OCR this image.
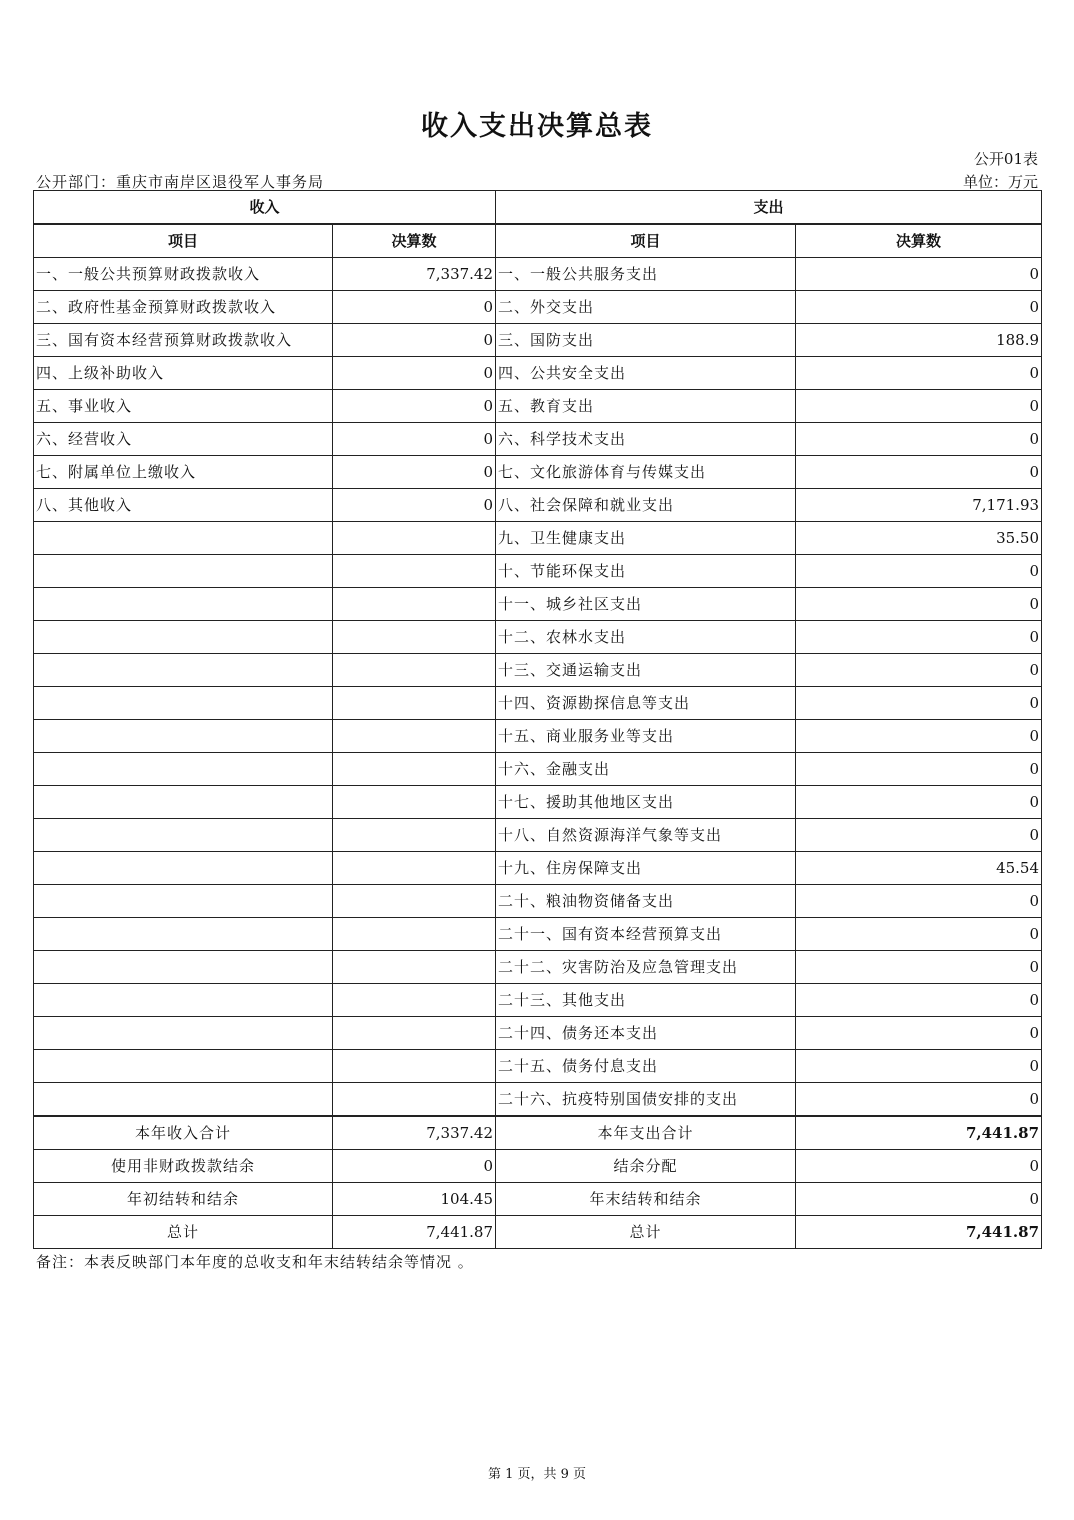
收入支出决算总表
公开01表
公开部门：重庆市南岸区退役军人事务局	单位：万元
收入		支出	
项目	决算数	项目	决算数
一、一般公共预算财政拨款收入	7,337.42	一、一般公共服务支出	0
二、政府性基金预算财政拨款收入	0	二、外交支出	0
三、国有资本经营预算财政拨款收入	0	三、国防支出	188.9
四、上级补助收入	0	四、公共安全支出	0
五、事业收入	0	五、教育支出	0
六、经营收入	0	六、科学技术支出	0
七、附属单位上缴收入	0	七、文化旅游体育与传媒支出	0
八、其他收入	0	八、社会保障和就业支出	7,171.93
		九、卫生健康支出	35.50
		十、节能环保支出	0
		十一、城乡社区支出	0
		十二、农林水支出	0
		十三、交通运输支出	0
		十四、资源勘探信息等支出	0
		十五、商业服务业等支出	0
		十六、金融支出	0
		十七、援助其他地区支出	0
		十八、自然资源海洋气象等支出	0
		十九、住房保障支出	45.54
		二十、粮油物资储备支出	0
		二十一、国有资本经营预算支出	0
		二十二、灾害防治及应急管理支出	0
		二十三、其他支出	0
		二十四、债务还本支出	0
		二十五、债务付息支出	0
		二十六、抗疫特别国债安排的支出	0
本年收入合计	7,337.42	本年支出合计	7,441.87
使用非财政拨款结余	0	结余分配	0
年初结转和结余	104.45	年末结转和结余	0
总计	7,441.87	总计	7,441.87
备注：本表反映部门本年度的总收支和年末结转结余等情况 。
第 1 页，共 9 页
